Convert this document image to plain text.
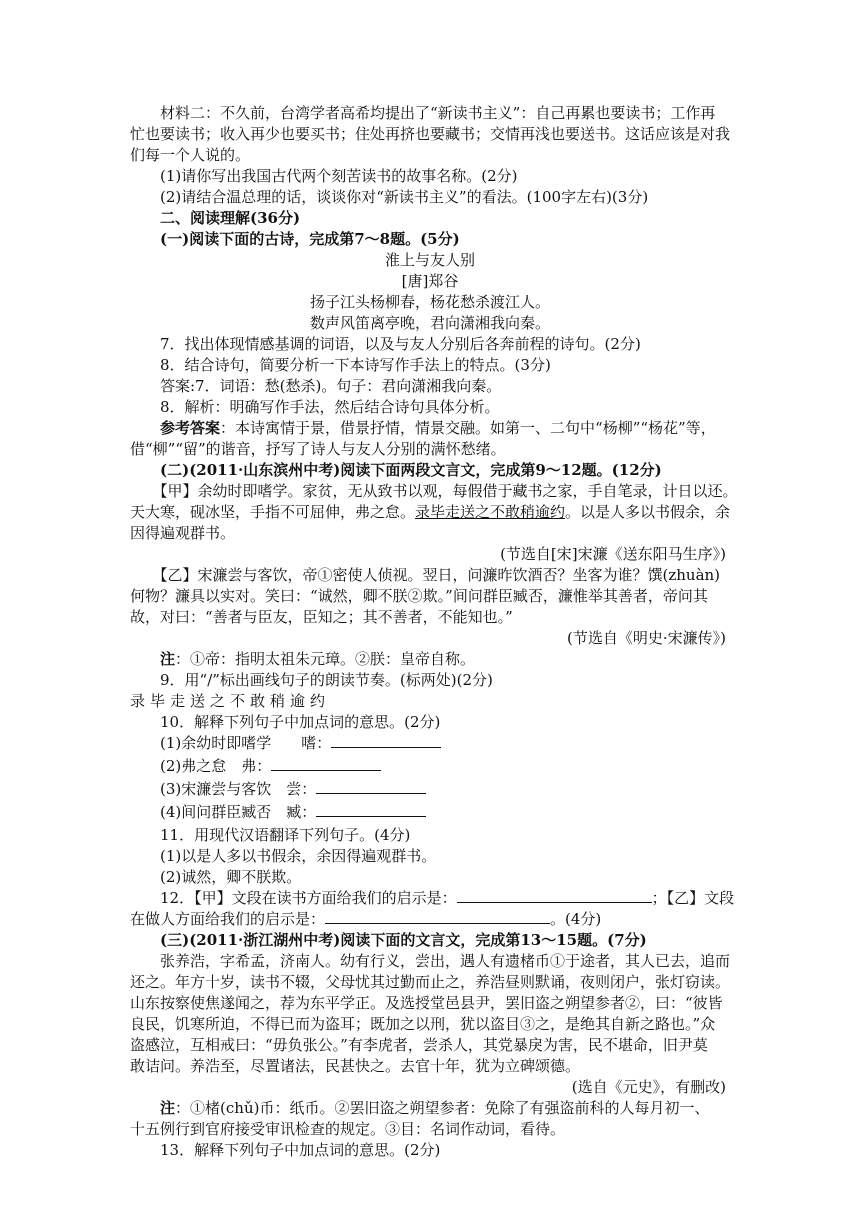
　　材料二：不久前，台湾学者高希均提出了“新读书主义”：自己再累也要读书；工作再
忙也要读书；收入再少也要买书；住处再挤也要藏书；交情再浅也要送书。这话应该是对我
们每一个人说的。
　　(1)请你写出我国古代两个刻苦读书的故事名称。(2分)
　　(2)请结合温总理的话，谈谈你对“新读书主义”的看法。(100字左右)(3分)
　　二、阅读理解(36分)
　　(一)阅读下面的古诗，完成第7～8题。(5分)
淮上与友人别
[唐]郑谷
扬子江头杨柳春，杨花愁杀渡江人。
数声风笛离亭晚，君向潇湘我向秦。
　　7．找出体现情感基调的词语，以及与友人分别后各奔前程的诗句。(2分)
　　8．结合诗句，简要分析一下本诗写作手法上的特点。(3分)
　　答案:7．词语：愁(愁杀)。句子：君向潇湘我向秦。
　　8．解析：明确写作手法，然后结合诗句具体分析。
　　参考答案：本诗寓情于景，借景抒情，情景交融。如第一、二句中“杨柳”“杨花”等，
借“柳”“留”的谐音，抒写了诗人与友人分别的满怀愁绪。
　　(二)(2011·山东滨州中考)阅读下面两段文言文，完成第9～12题。(12分)
　　【甲】余幼时即嗜学。家贫，无从致书以观，每假借于藏书之家，手自笔录，计日以还。
天大寒，砚冰坚，手指不可屈伸，弗之怠。录毕走送之不敢稍逾约。以是人多以书假余，余
因得遍观群书。
(节选自[宋]宋濂《送东阳马生序》)
　　【乙】宋濂尝与客饮，帝①密使人侦视。翌日，问濂昨饮酒否？坐客为谁？馔(zhuàn)
何物？濂具以实对。笑曰：“诚然，卿不朕②欺。”间问群臣臧否，濂惟举其善者，帝问其
故，对曰：“善者与臣友，臣知之；其不善者，不能知也。”
(节选自《明史·宋濂传》)
　　注：①帝：指明太祖朱元璋。②朕：皇帝自称。
　　9．用“/”标出画线句子的朗读节奏。(标两处)(2分)
录毕走送之不敢稍逾约
　　10．解释下列句子中加点词的意思。(2分)
　　(1)余幼时即嗜学　　嗜：
　　(2)弗之怠　弗：
　　(3)宋濂尝与客饮　尝：
　　(4)间问群臣臧否　臧：
　　11．用现代汉语翻译下列句子。(4分)
　　(1)以是人多以书假余，余因得遍观群书。
　　(2)诚然，卿不朕欺。
　　12．【甲】文段在读书方面给我们的启示是：	；【乙】文段
在做人方面给我们的启示是：	。(4分)
　　(三)(2011·浙江湖州中考)阅读下面的文言文，完成第13～15题。(7分)
　　张养浩，字希孟，济南人。幼有行义，尝出，遇人有遗楮币①于途者，其人已去，追而
还之。年方十岁，读书不辍，父母忧其过勤而止之，养浩昼则默诵，夜则闭户，张灯窃读。
山东按察使焦遂闻之，荐为东平学正。及选授堂邑县尹，罢旧盗之朔望参者②，曰：“彼皆
良民，饥寒所迫，不得已而为盗耳；既加之以刑，犹以盗目③之，是绝其自新之路也。”众
盗感泣，互相戒曰：“毋负张公。”有李虎者，尝杀人，其党暴戾为害，民不堪命，旧尹莫
敢诘问。养浩至，尽置诸法，民甚快之。去官十年，犹为立碑颂德。
(选自《元史》，有删改)
　　注：①楮(chǔ)币：纸币。②罢旧盗之朔望参者：免除了有强盗前科的人每月初一、
十五例行到官府接受审讯检查的规定。③目：名词作动词，看待。
　　13．解释下列句子中加点词的意思。(2分)
